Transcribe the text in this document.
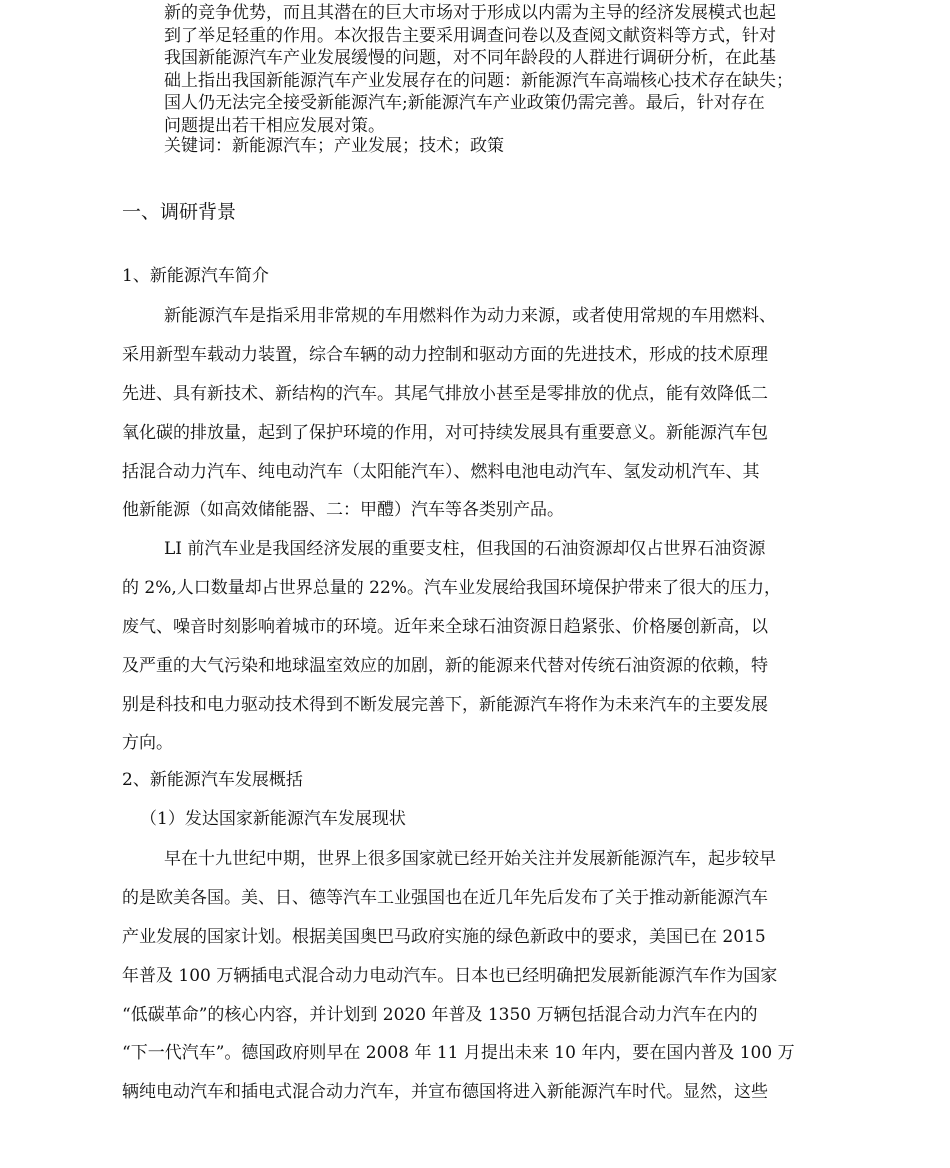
新的竞争优势，而且其潜在的巨大市场对于形成以内需为主导的经济发展模式也起
到了举足轻重的作用。本次报告主要采用调查问卷以及查阅文献资料等方式，针对
我国新能源汽车产业发展缓慢的问题，对不同年龄段的人群进行调研分析，在此基
础上指出我国新能源汽车产业发展存在的问题：新能源汽车高端核心技术存在缺失；
国人仍无法完全接受新能源汽车;新能源汽车产业政策仍需完善。最后，针对存在
问题提出若干相应发展对策。
关键词：新能源汽车；产业发展；技术；政策
一、调研背景
1、新能源汽车简介
新能源汽车是指采用非常规的车用燃料作为动力来源，或者使用常规的车用燃料、
采用新型车载动力装置，综合车辆的动力控制和驱动方面的先进技术，形成的技术原理
先进、具有新技术、新结构的汽车。其尾气排放小甚至是零排放的优点，能有效降低二
氧化碳的排放量，起到了保护环境的作用，对可持续发展具有重要意义。新能源汽车包
括混合动力汽车、纯电动汽车（太阳能汽车）、燃料电池电动汽车、氢发动机汽车、其
他新能源（如高效储能器、二：甲醴）汽车等各类别产品。
LI 前汽车业是我国经济发展的重要支柱，但我国的石油资源却仅占世界石油资源
的 2%,人口数量却占世界总量的 22%。汽车业发展给我国环境保护带来了很大的压力，
废气、噪音时刻影响着城市的环境。近年来全球石油资源日趋紧张、价格屡创新高，以
及严重的大气污染和地球温室效应的加剧，新的能源来代替对传统石油资源的依赖，特
别是科技和电力驱动技术得到不断发展完善下，新能源汽车将作为未来汽车的主要发展
方向。
2、新能源汽车发展概括
（1）发达国家新能源汽车发展现状
早在十九世纪中期，世界上很多国家就已经开始关注并发展新能源汽车，起步较早
的是欧美各国。美、日、德等汽车工业强国也在近几年先后发布了关于推动新能源汽车
产业发展的国家计划。根据美国奥巴马政府实施的绿色新政中的要求，美国已在 2015
年普及 100 万辆插电式混合动力电动汽车。日本也已经明确把发展新能源汽车作为国家
“低碳革命”的核心内容，并计划到 2020 年普及 1350 万辆包括混合动力汽车在内的
“下一代汽车”。德国政府则早在 2008 年 11 月提出未来 10 年内，要在国内普及 100 万
辆纯电动汽车和插电式混合动力汽车，并宣布德国将进入新能源汽车时代。显然，这些
